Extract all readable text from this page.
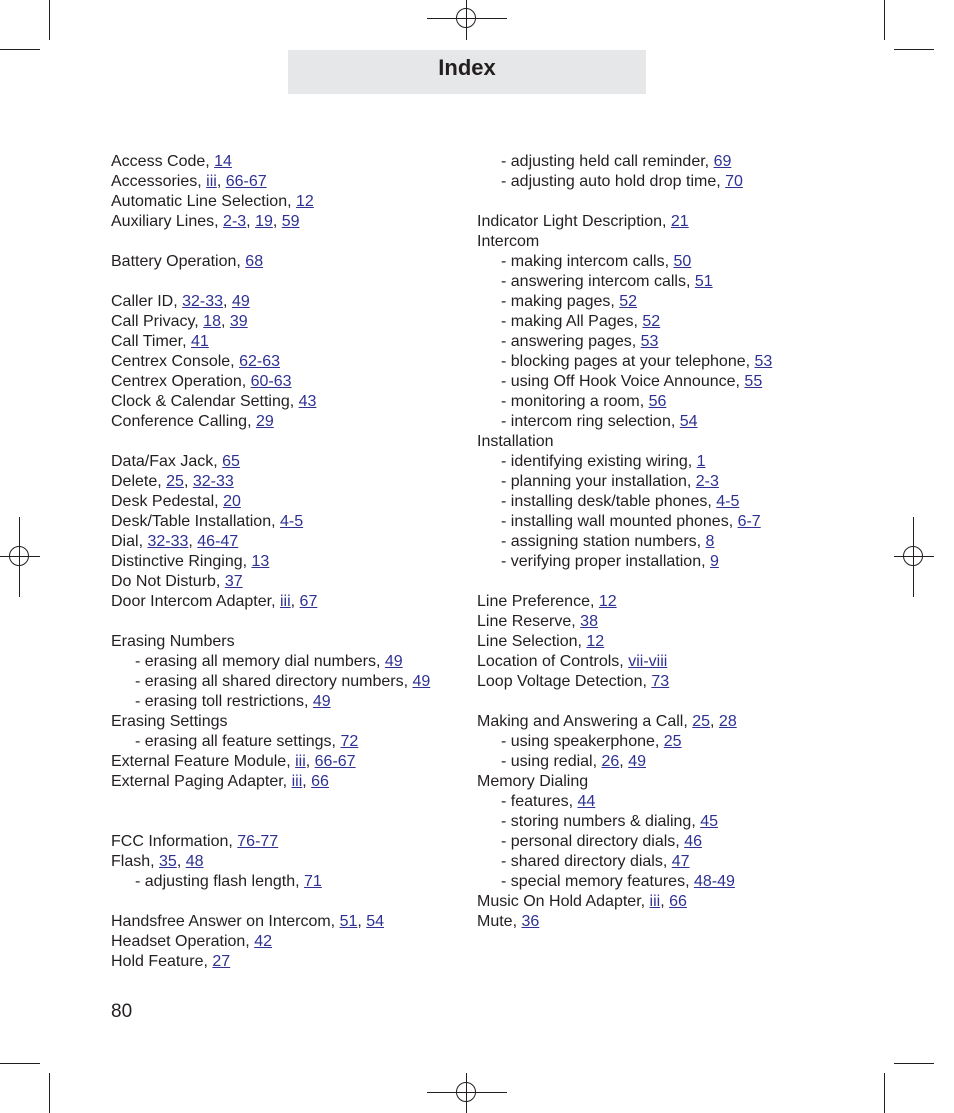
Index
Access Code, 14
Accessories, iii, 66-67
Automatic Line Selection, 12
Auxiliary Lines, 2-3, 19, 59
Battery Operation, 68
Caller ID, 32-33, 49
Call Privacy, 18, 39
Call Timer, 41
Centrex Console, 62-63
Centrex Operation, 60-63
Clock & Calendar Setting, 43
Conference Calling, 29
Data/Fax Jack, 65
Delete, 25, 32-33
Desk Pedestal, 20
Desk/Table Installation, 4-5
Dial, 32-33, 46-47
Distinctive Ringing, 13
Do Not Disturb, 37
Door Intercom Adapter, iii, 67
Erasing Numbers
- erasing all memory dial numbers, 49
- erasing all shared directory numbers, 49
- erasing toll restrictions, 49
Erasing Settings
- erasing all feature settings, 72
External Feature Module, iii, 66-67
External Paging Adapter, iii, 66
FCC Information, 76-77
Flash, 35, 48
- adjusting flash length, 71
Handsfree Answer on Intercom, 51, 54
Headset Operation, 42
Hold Feature, 27
- adjusting held call reminder, 69
- adjusting auto hold drop time, 70
Indicator Light Description, 21
Intercom
- making intercom calls, 50
- answering intercom calls, 51
- making pages, 52
- making All Pages, 52
- answering pages, 53
- blocking pages at your telephone, 53
- using Off Hook Voice Announce, 55
- monitoring a room, 56
- intercom ring selection, 54
Installation
- identifying existing wiring, 1
- planning your installation, 2-3
- installing desk/table phones, 4-5
- installing wall mounted phones, 6-7
- assigning station numbers, 8
- verifying proper installation, 9
Line Preference, 12
Line Reserve, 38
Line Selection, 12
Location of Controls, vii-viii
Loop Voltage Detection, 73
Making and Answering a Call, 25, 28
- using speakerphone, 25
- using redial, 26, 49
Memory Dialing
- features, 44
- storing numbers & dialing, 45
- personal directory dials, 46
- shared directory dials, 47
- special memory features, 48-49
Music On Hold Adapter, iii, 66
Mute, 36
80
